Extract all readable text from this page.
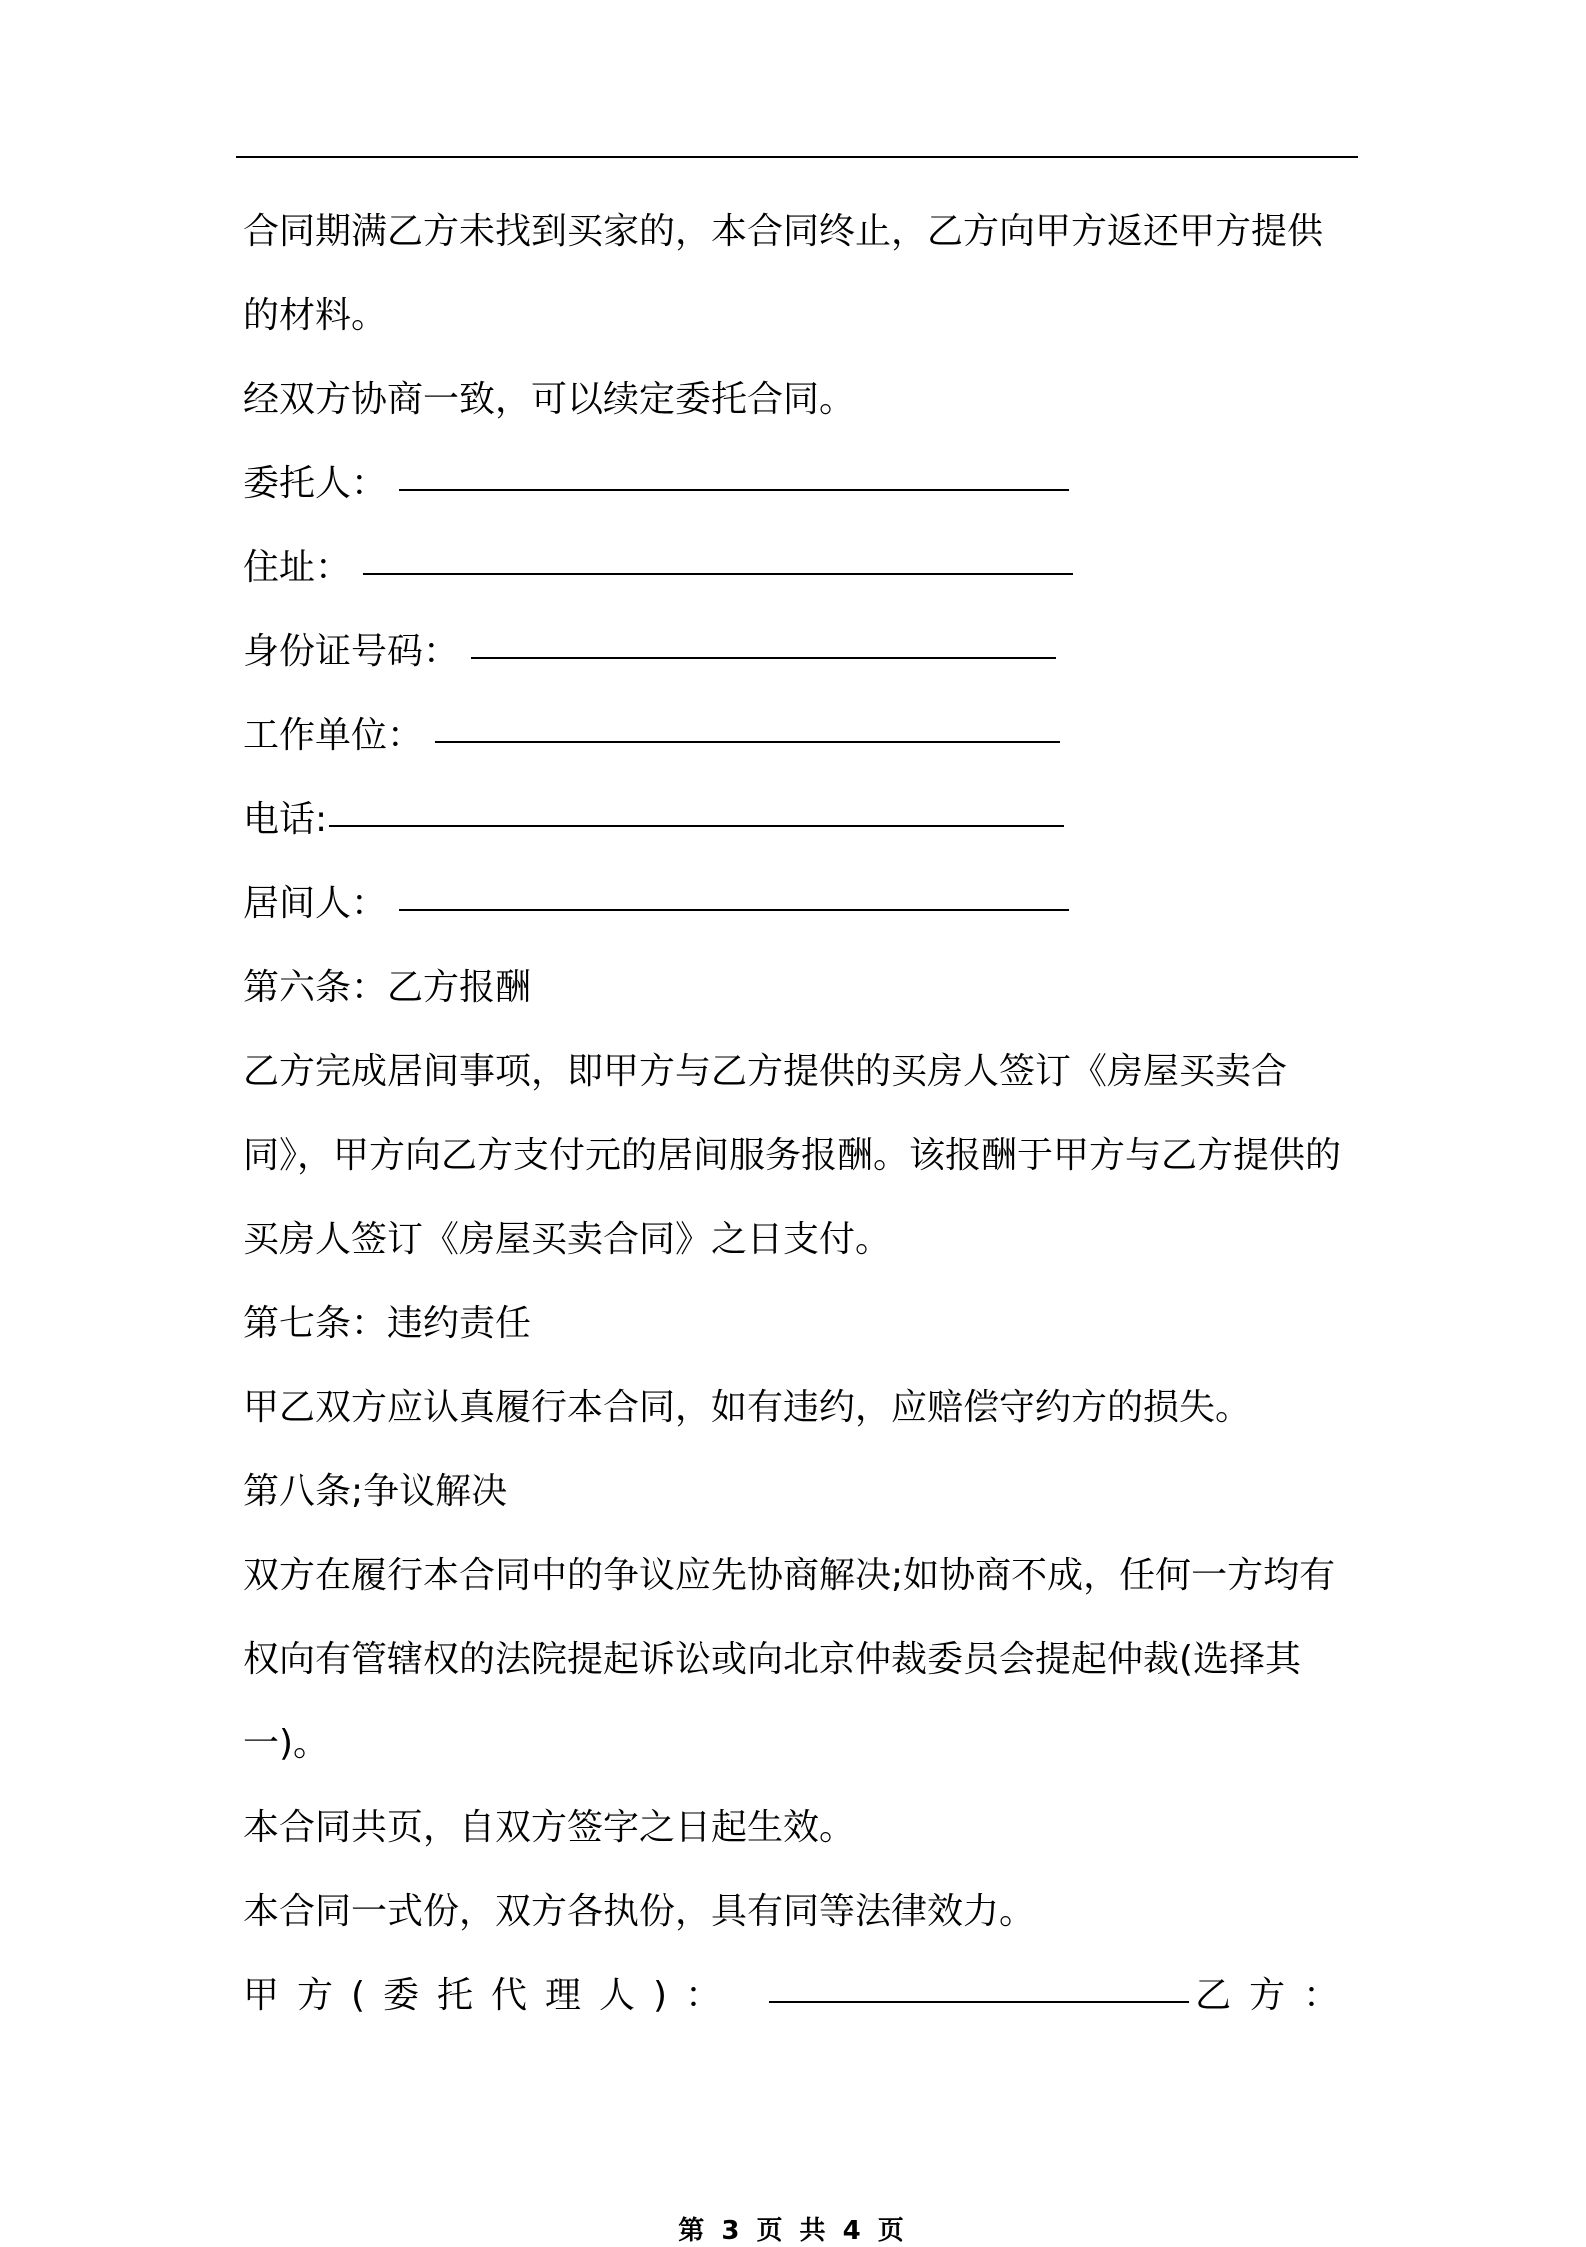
合同期满乙方未找到买家的，本合同终止，乙方向甲方返还甲方提供的材料。

经双方协商一致，可以续定委托合同。

委托人：
住址：
身份证号码：
工作单位：
电话:
居间人：

第六条：乙方报酬

乙方完成居间事项，即甲方与乙方提供的买房人签订《房屋买卖合同》，甲方向乙方支付元的居间服务报酬。该报酬于甲方与乙方提供的买房人签订《房屋买卖合同》之日支付。

第七条：违约责任

甲乙双方应认真履行本合同，如有违约，应赔偿守约方的损失。

第八条;争议解决

双方在履行本合同中的争议应先协商解决;如协商不成，任何一方均有权向有管辖权的法院提起诉讼或向北京仲裁委员会提起仲裁(选择其一)。

本合同共页，自双方签字之日起生效。

本合同一式份，双方各执份，具有同等法律效力。

甲方(委托代理人)：	乙方：
第 3 页 共 4 页
